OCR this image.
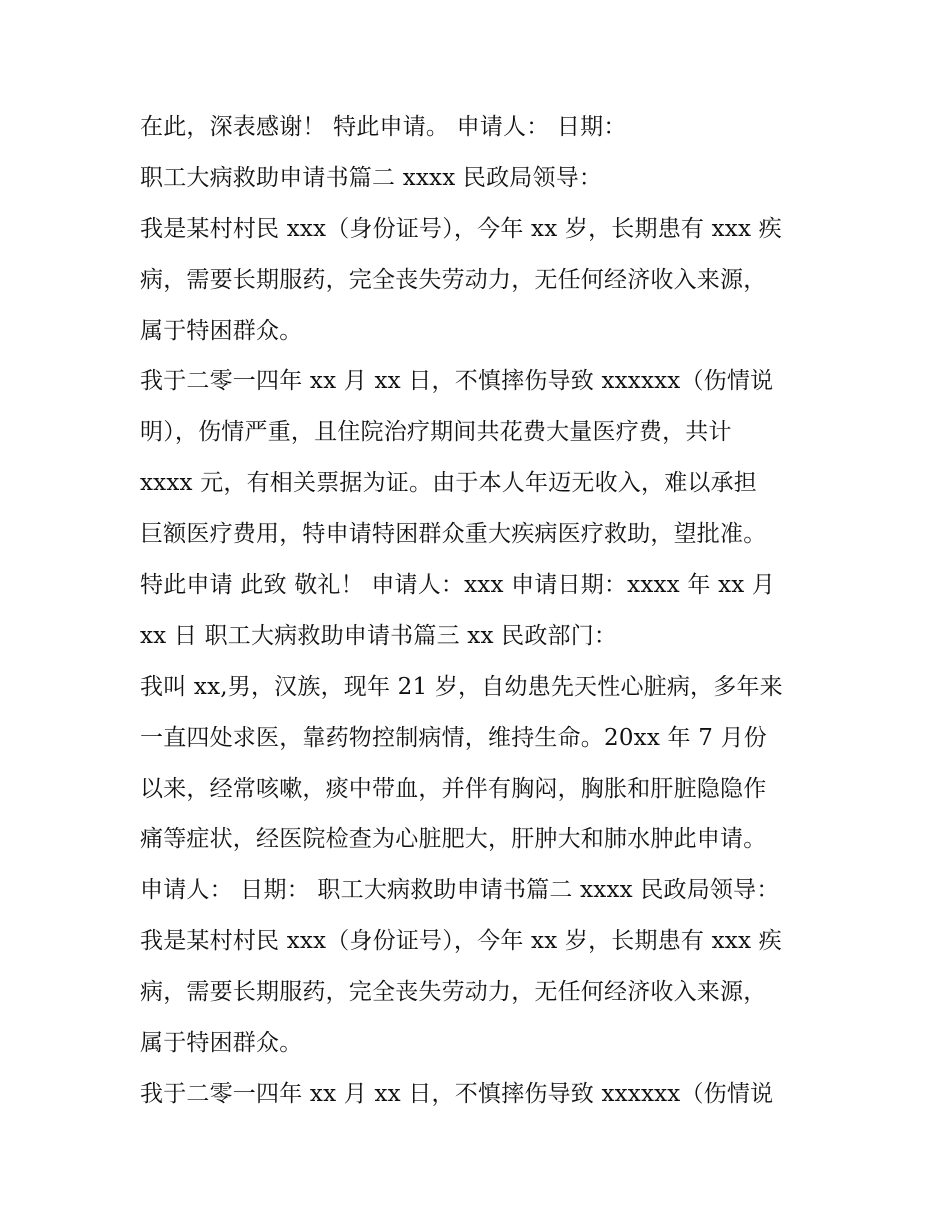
在此，深表感谢！ 特此申请。 申请人： 日期：
职工大病救助申请书篇二 xxxx 民政局领导：
我是某村村民 xxx（身份证号），今年 xx 岁，长期患有 xxx 疾
病，需要长期服药，完全丧失劳动力，无任何经济收入来源，
属于特困群众。
我于二零一四年 xx 月 xx 日，不慎摔伤导致 xxxxxx（伤情说
明），伤情严重，且住院治疗期间共花费大量医疗费，共计
xxxx 元，有相关票据为证。由于本人年迈无收入，难以承担
巨额医疗费用，特申请特困群众重大疾病医疗救助，望批准。
特此申请 此致 敬礼！ 申请人：xxx 申请日期：xxxx 年 xx 月
xx 日 职工大病救助申请书篇三 xx 民政部门：
我叫 xx,男，汉族，现年 21 岁，自幼患先天性心脏病，多年来
一直四处求医，靠药物控制病情，维持生命。20xx 年 7 月份
以来，经常咳嗽，痰中带血，并伴有胸闷，胸胀和肝脏隐隐作
痛等症状，经医院检查为心脏肥大，肝肿大和肺水肿此申请。
申请人： 日期： 职工大病救助申请书篇二 xxxx 民政局领导：
我是某村村民 xxx（身份证号），今年 xx 岁，长期患有 xxx 疾
病，需要长期服药，完全丧失劳动力，无任何经济收入来源，
属于特困群众。
我于二零一四年 xx 月 xx 日，不慎摔伤导致 xxxxxx（伤情说
